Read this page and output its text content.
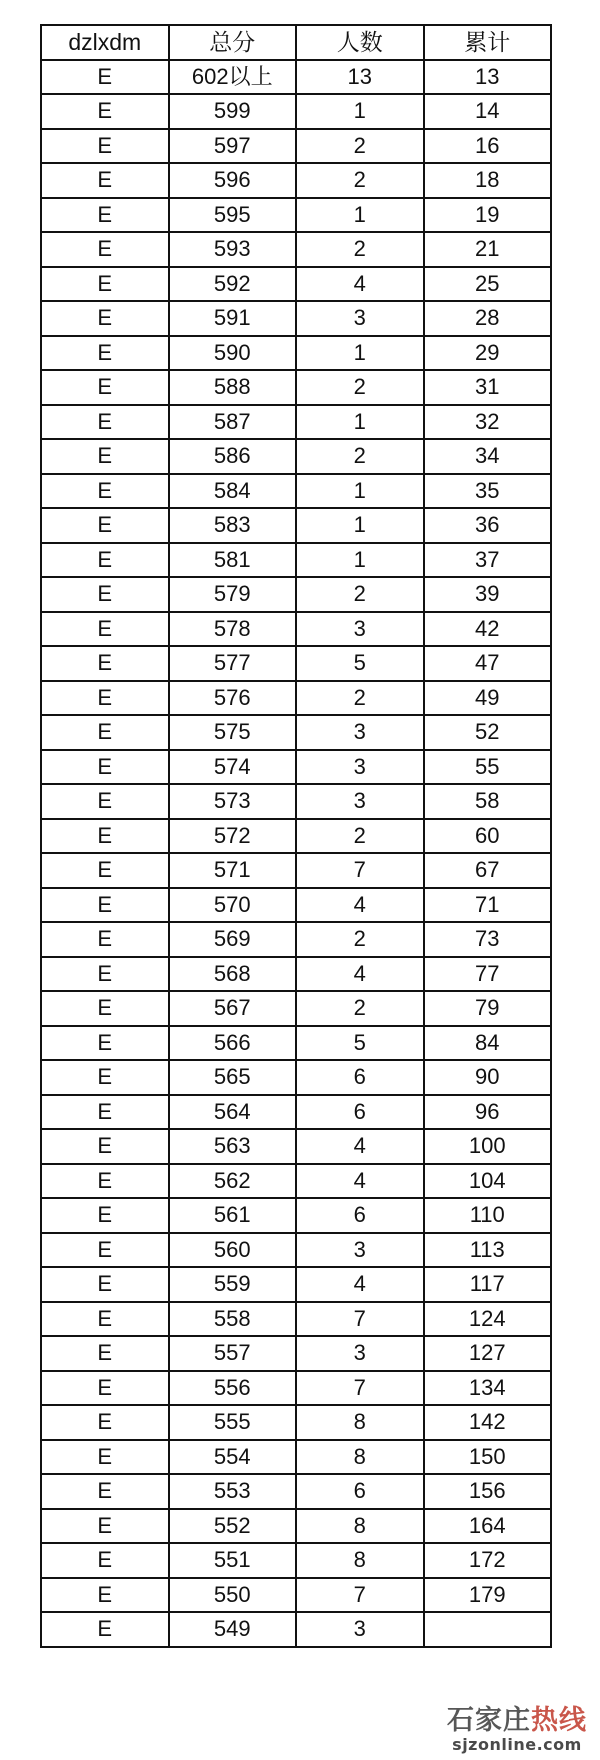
dzlxdm	总分	人数	累计
E	602以上	13	13
E	599	1	14
E	597	2	16
E	596	2	18
E	595	1	19
E	593	2	21
E	592	4	25
E	591	3	28
E	590	1	29
E	588	2	31
E	587	1	32
E	586	2	34
E	584	1	35
E	583	1	36
E	581	1	37
E	579	2	39
E	578	3	42
E	577	5	47
E	576	2	49
E	575	3	52
E	574	3	55
E	573	3	58
E	572	2	60
E	571	7	67
E	570	4	71
E	569	2	73
E	568	4	77
E	567	2	79
E	566	5	84
E	565	6	90
E	564	6	96
E	563	4	100
E	562	4	104
E	561	6	110
E	560	3	113
E	559	4	117
E	558	7	124
E	557	3	127
E	556	7	134
E	555	8	142
E	554	8	150
E	553	6	156
E	552	8	164
E	551	8	172
E	550	7	179
E	549	3	
石家庄热线
sjzonline.com
